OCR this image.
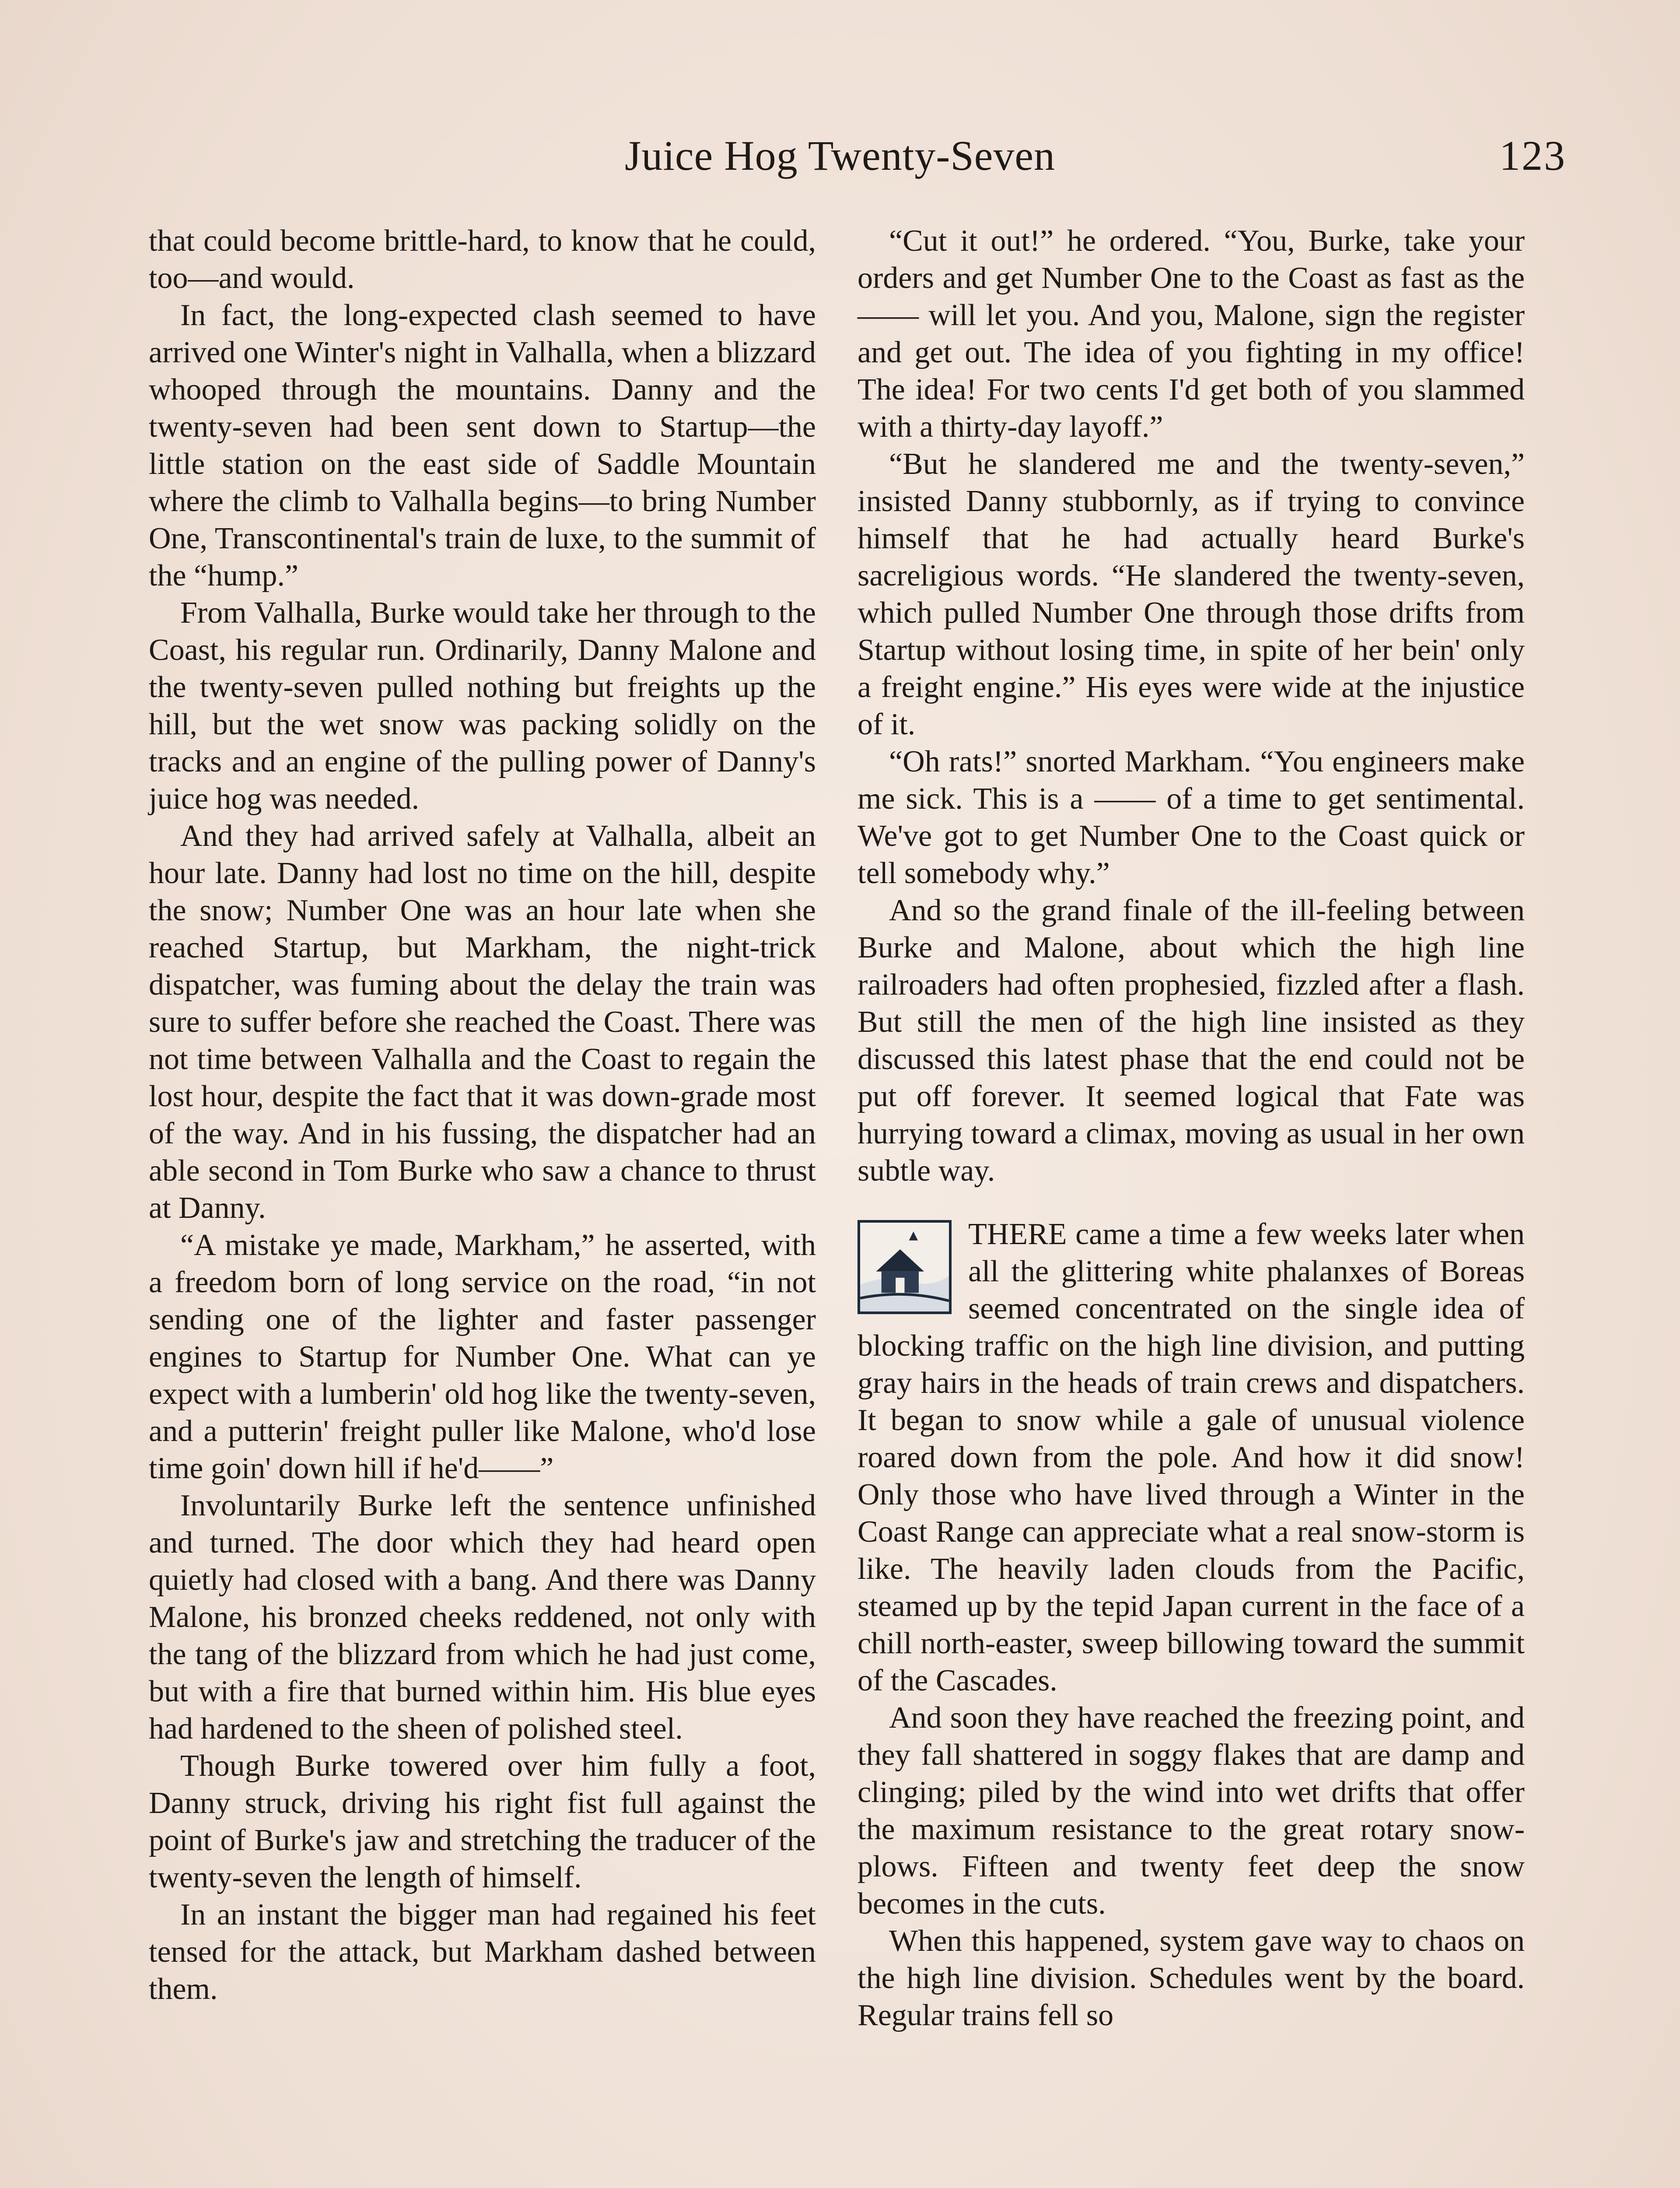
Juice Hog Twenty-Seven	123

that could become brittle-hard, to know that he could, too—and would.

In fact, the long-expected clash seemed to have arrived one Winter's night in Valhalla, when a blizzard whooped through the mountains. Danny and the twenty-seven had been sent down to Startup—the little station on the east side of Saddle Mountain where the climb to Valhalla begins—to bring Number One, Transcontinental's train de luxe, to the summit of the “hump.”

From Valhalla, Burke would take her through to the Coast, his regular run. Ordinarily, Danny Malone and the twenty-seven pulled nothing but freights up the hill, but the wet snow was packing solidly on the tracks and an engine of the pulling power of Danny's juice hog was needed.

And they had arrived safely at Valhalla, albeit an hour late. Danny had lost no time on the hill, despite the snow; Number One was an hour late when she reached Startup, but Markham, the night-trick dispatcher, was fuming about the delay the train was sure to suffer before she reached the Coast. There was not time between Valhalla and the Coast to regain the lost hour, despite the fact that it was down-grade most of the way. And in his fussing, the dispatcher had an able second in Tom Burke who saw a chance to thrust at Danny.

“A mistake ye made, Markham,” he asserted, with a freedom born of long service on the road, “in not sending one of the lighter and faster passenger engines to Startup for Number One. What can ye expect with a lumberin' old hog like the twenty-seven, and a putterin' freight puller like Malone, who'd lose time goin' down hill if he'd——”

Involuntarily Burke left the sentence unfinished and turned. The door which they had heard open quietly had closed with a bang. And there was Danny Malone, his bronzed cheeks reddened, not only with the tang of the blizzard from which he had just come, but with a fire that burned within him. His blue eyes had hardened to the sheen of polished steel.

Though Burke towered over him fully a foot, Danny struck, driving his right fist full against the point of Burke's jaw and stretching the traducer of the twenty-seven the length of himself.

In an instant the bigger man had regained his feet tensed for the attack, but Markham dashed between them.

“Cut it out!” he ordered. “You, Burke, take your orders and get Number One to the Coast as fast as the —— will let you. And you, Malone, sign the register and get out. The idea of you fighting in my office! The idea! For two cents I'd get both of you slammed with a thirty-day layoff.”

“But he slandered me and the twenty-seven,” insisted Danny stubbornly, as if trying to convince himself that he had actually heard Burke's sacreligious words. “He slandered the twenty-seven, which pulled Number One through those drifts from Startup without losing time, in spite of her bein' only a freight engine.” His eyes were wide at the injustice of it.

“Oh rats!” snorted Markham. “You engineers make me sick. This is a —— of a time to get sentimental. We've got to get Number One to the Coast quick or tell somebody why.”

And so the grand finale of the ill-feeling between Burke and Malone, about which the high line railroaders had often prophesied, fizzled after a flash. But still the men of the high line insisted as they discussed this latest phase that the end could not be put off forever. It seemed logical that Fate was hurrying toward a climax, moving as usual in her own subtle way.

THERE came a time a few weeks later when all the glittering white phalanxes of Boreas seemed concentrated on the single idea of blocking traffic on the high line division, and putting gray hairs in the heads of train crews and dispatchers. It began to snow while a gale of unusual violence roared down from the pole. And how it did snow! Only those who have lived through a Winter in the Coast Range can appreciate what a real snow-storm is like. The heavily laden clouds from the Pacific, steamed up by the tepid Japan current in the face of a chill north-easter, sweep billowing toward the summit of the Cascades.

And soon they have reached the freezing point, and they fall shattered in soggy flakes that are damp and clinging; piled by the wind into wet drifts that offer the maximum resistance to the great rotary snow-plows. Fifteen and twenty feet deep the snow becomes in the cuts.

When this happened, system gave way to chaos on the high line division. Schedules went by the board. Regular trains fell so
